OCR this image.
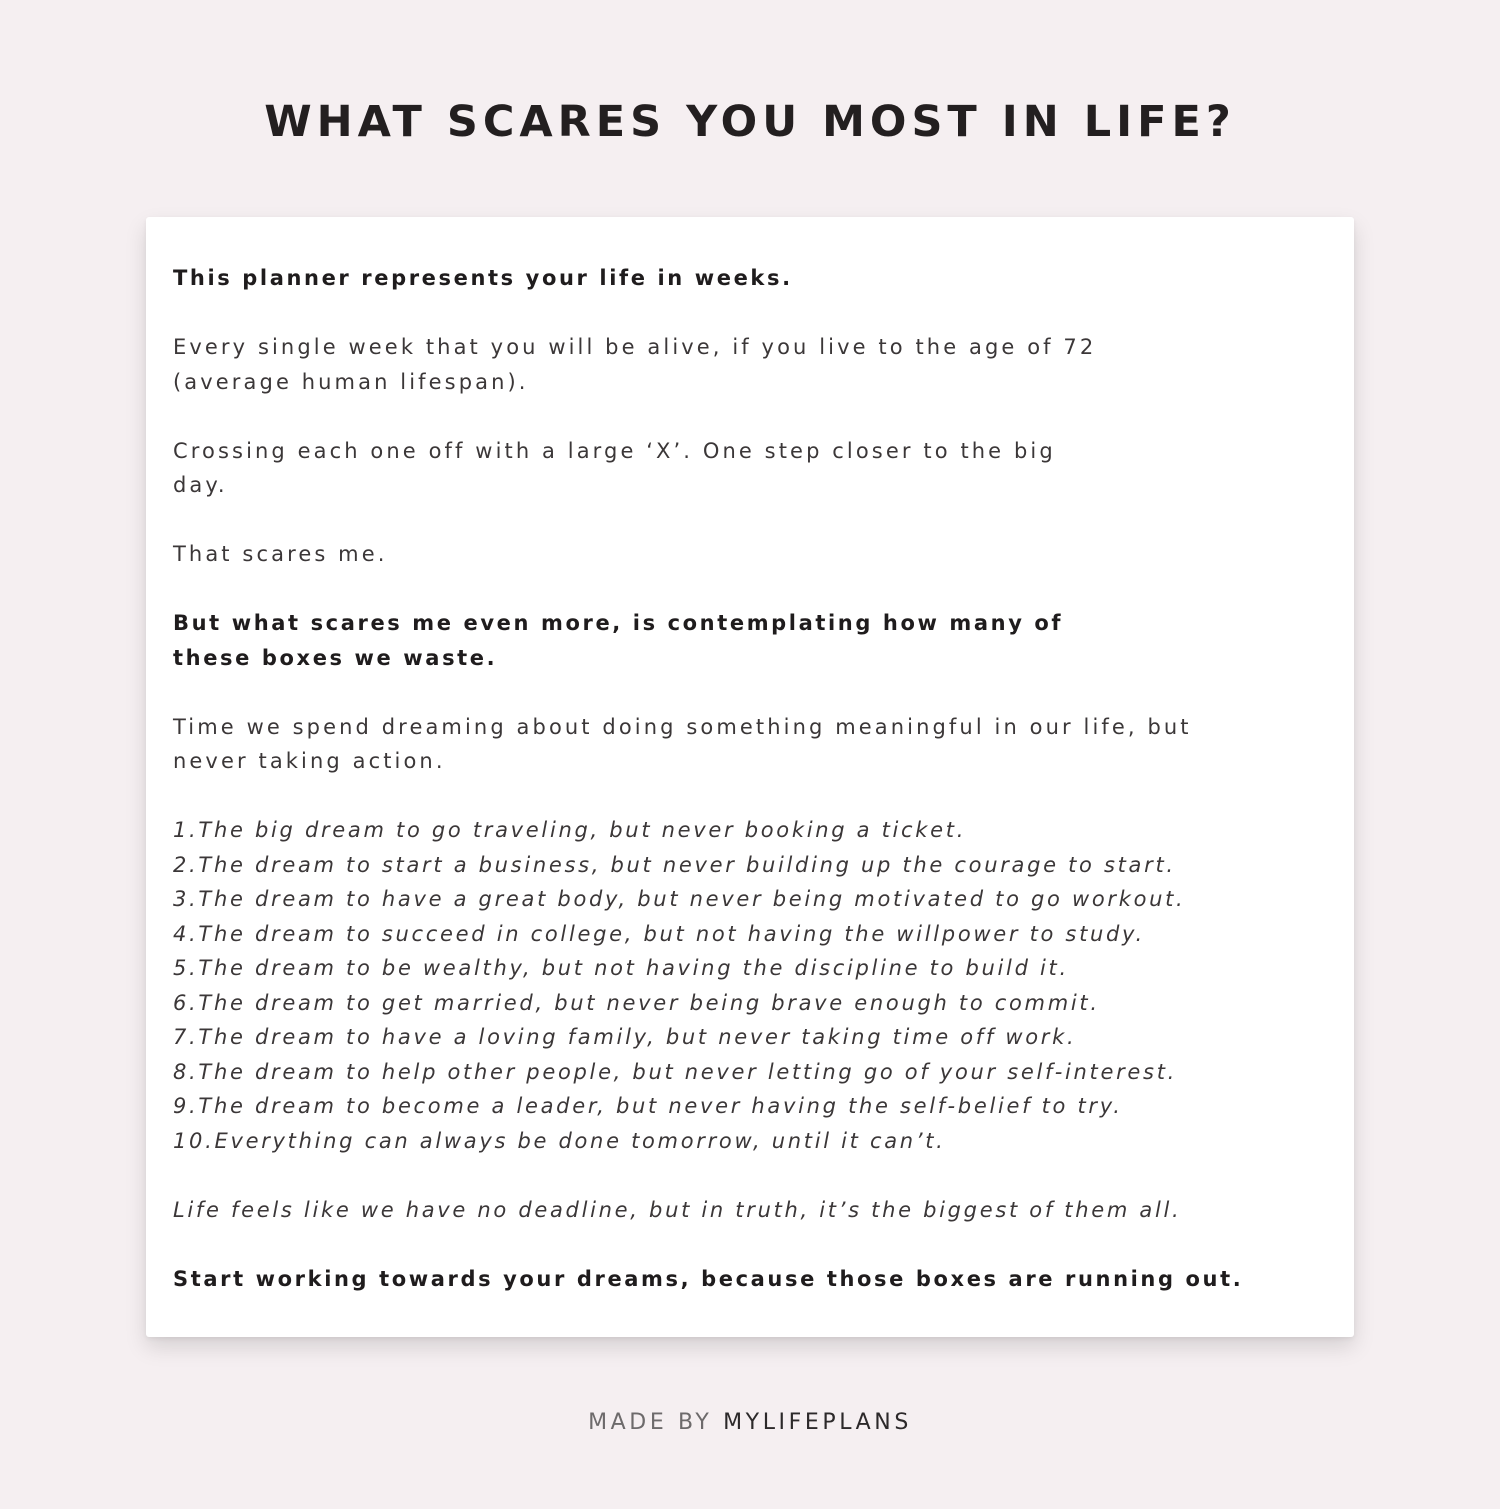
WHAT SCARES YOU MOST IN LIFE?
This planner represents your life in weeks.
Every single week that you will be alive, if you live to the age of 72
(average human lifespan).
Crossing each one off with a large ‘X’. One step closer to the big
day.
That scares me.
But what scares me even more, is contemplating how many of
these boxes we waste.
Time we spend dreaming about doing something meaningful in our life, but
never taking action.
1.The big dream to go traveling, but never booking a ticket.
2.The dream to start a business, but never building up the courage to start.
3.The dream to have a great body, but never being motivated to go workout.
4.The dream to succeed in college, but not having the willpower to study.
5.The dream to be wealthy, but not having the discipline to build it.
6.The dream to get married, but never being brave enough to commit.
7.The dream to have a loving family, but never taking time off work.
8.The dream to help other people, but never letting go of your self-interest.
9.The dream to become a leader, but never having the self-belief to try.
10.Everything can always be done tomorrow, until it can’t.
Life feels like we have no deadline, but in truth, it’s the biggest of them all.
Start working towards your dreams, because those boxes are running out.
MADE BY MYLIFEPLANS
